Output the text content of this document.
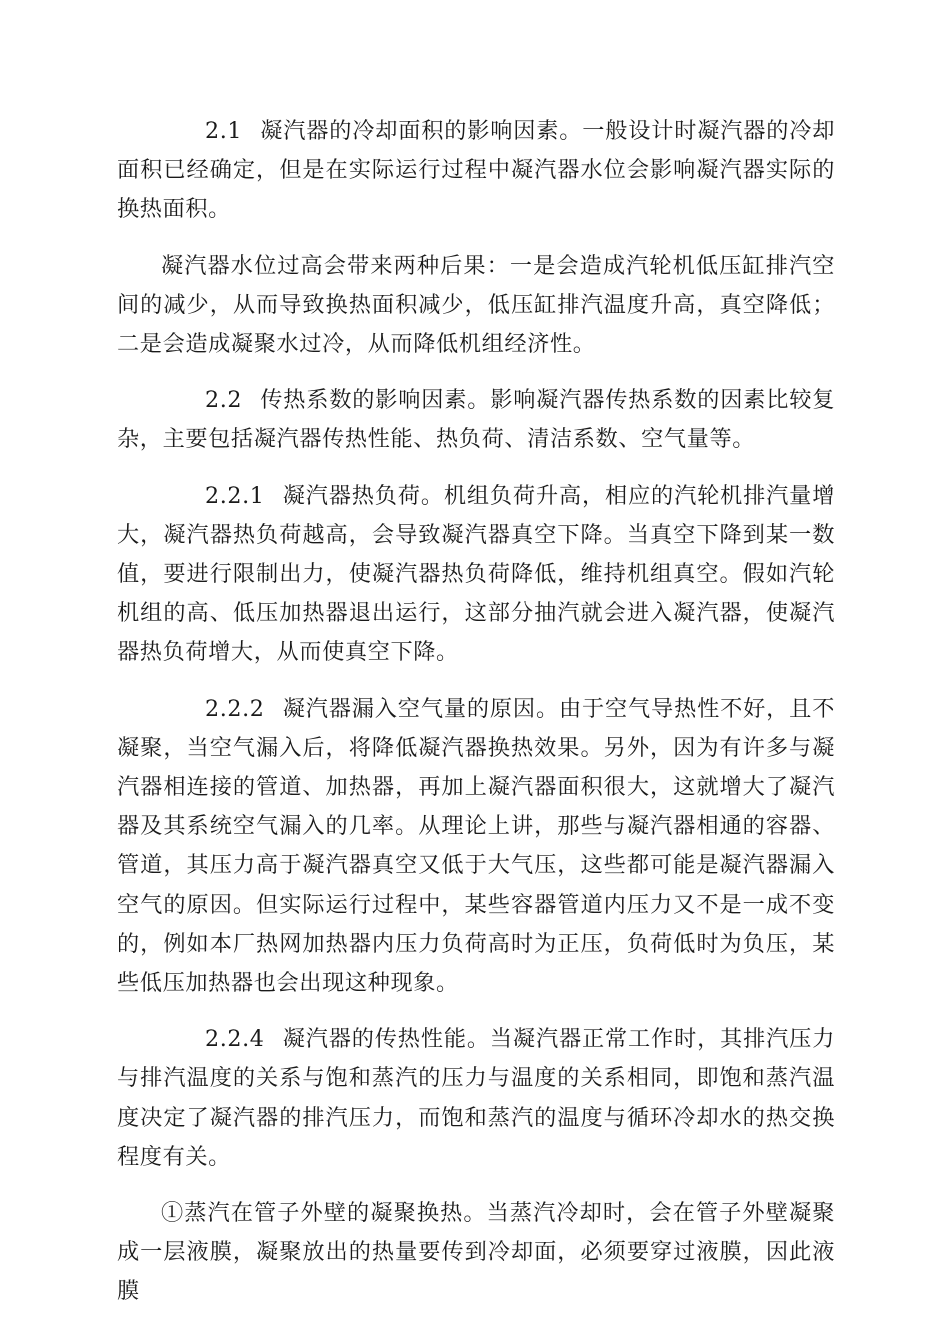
2.1 凝汽器的冷却面积的影响因素。一般设计时凝汽器的冷却面积已经确定，但是在实际运行过程中凝汽器水位会影响凝汽器实际的换热面积。

凝汽器水位过高会带来两种后果：一是会造成汽轮机低压缸排汽空间的减少，从而导致换热面积减少，低压缸排汽温度升高，真空降低；二是会造成凝聚水过冷，从而降低机组经济性。

2.2 传热系数的影响因素。影响凝汽器传热系数的因素比较复杂，主要包括凝汽器传热性能、热负荷、清洁系数、空气量等。

2.2.1 凝汽器热负荷。机组负荷升高，相应的汽轮机排汽量增大，凝汽器热负荷越高，会导致凝汽器真空下降。当真空下降到某一数值，要进行限制出力，使凝汽器热负荷降低，维持机组真空。假如汽轮机组的高、低压加热器退出运行，这部分抽汽就会进入凝汽器，使凝汽器热负荷增大，从而使真空下降。

2.2.2 凝汽器漏入空气量的原因。由于空气导热性不好，且不凝聚，当空气漏入后，将降低凝汽器换热效果。另外，因为有许多与凝汽器相连接的管道、加热器，再加上凝汽器面积很大，这就增大了凝汽器及其系统空气漏入的几率。从理论上讲，那些与凝汽器相通的容器、管道，其压力高于凝汽器真空又低于大气压，这些都可能是凝汽器漏入空气的原因。但实际运行过程中，某些容器管道内压力又不是一成不变的，例如本厂热网加热器内压力负荷高时为正压，负荷低时为负压，某些低压加热器也会出现这种现象。

2.2.4 凝汽器的传热性能。当凝汽器正常工作时，其排汽压力与排汽温度的关系与饱和蒸汽的压力与温度的关系相同，即饱和蒸汽温度决定了凝汽器的排汽压力，而饱和蒸汽的温度与循环冷却水的热交换程度有关。

①蒸汽在管子外壁的凝聚换热。当蒸汽冷却时，会在管子外壁凝聚成一层液膜，凝聚放出的热量要传到冷却面，必须要穿过液膜，因此液膜
